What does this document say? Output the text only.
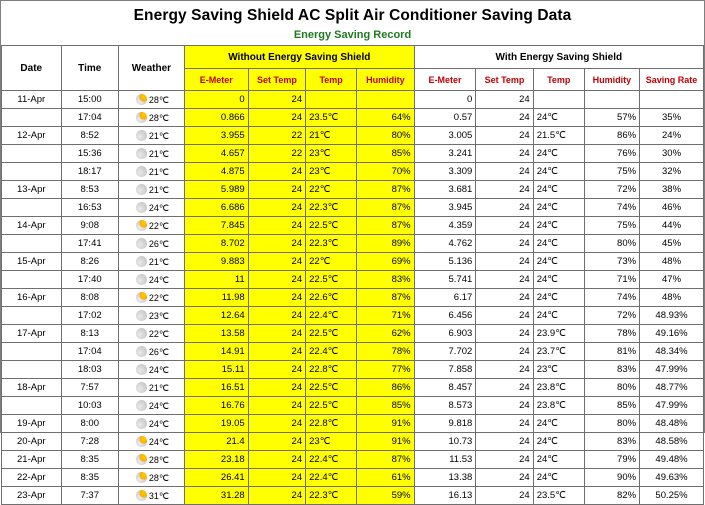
Energy Saving Shield AC Split Air Conditioner Saving Data
Energy Saving Record
Date	Time	Weather	Without Energy Saving Shield				With Energy Saving Shield				
			E-Meter	Set Temp	Temp	Humidity	E-Meter	Set Temp	Temp	Humidity	Saving Rate
11-Apr	15:00	28℃	0	24			0	24			
	17:04	28℃	0.866	24	23.5℃	64%	0.57	24	24℃	57%	35%
12-Apr	8:52	21℃	3.955	22	21℃	80%	3.005	24	21.5℃	86%	24%
	15:36	21℃	4.657	22	23℃	85%	3.241	24	24℃	76%	30%
	18:17	21℃	4.875	24	23℃	70%	3.309	24	24℃	75%	32%
13-Apr	8:53	21℃	5.989	24	22℃	87%	3.681	24	24℃	72%	38%
	16:53	24℃	6.686	24	22.3℃	87%	3.945	24	24℃	74%	46%
14-Apr	9:08	22℃	7.845	24	22.5℃	87%	4.359	24	24℃	75%	44%
	17:41	26℃	8.702	24	22.3℃	89%	4.762	24	24℃	80%	45%
15-Apr	8:26	21℃	9.883	24	22℃	69%	5.136	24	24℃	73%	48%
	17:40	24℃	11	24	22.5℃	83%	5.741	24	24℃	71%	47%
16-Apr	8:08	22℃	11.98	24	22.6℃	87%	6.17	24	24℃	74%	48%
	17:02	23℃	12.64	24	22.4℃	71%	6.456	24	24℃	72%	48.93%
17-Apr	8:13	22℃	13.58	24	22.5℃	62%	6.903	24	23.9℃	78%	49.16%
	17:04	26℃	14.91	24	22.4℃	78%	7.702	24	23.7℃	81%	48.34%
	18:03	24℃	15.11	24	22.8℃	77%	7.858	24	23℃	83%	47.99%
18-Apr	7:57	21℃	16.51	24	22.5℃	86%	8.457	24	23.8℃	80%	48.77%
	10:03	24℃	16.76	24	22.5℃	85%	8.573	24	23.8℃	85%	47.99%
19-Apr	8:00	24℃	19.05	24	22.8℃	91%	9.818	24	24℃	80%	48.48%
20-Apr	7:28	24℃	21.4	24	23℃	91%	10.73	24	24℃	83%	48.58%
21-Apr	8:35	28℃	23.18	24	22.4℃	87%	11.53	24	24℃	79%	49.48%
22-Apr	8:35	28℃	26.41	24	22.4℃	61%	13.38	24	24℃	90%	49.63%
23-Apr	7:37	31℃	31.28	24	22.3℃	59%	16.13	24	23.5℃	82%	50.25%
